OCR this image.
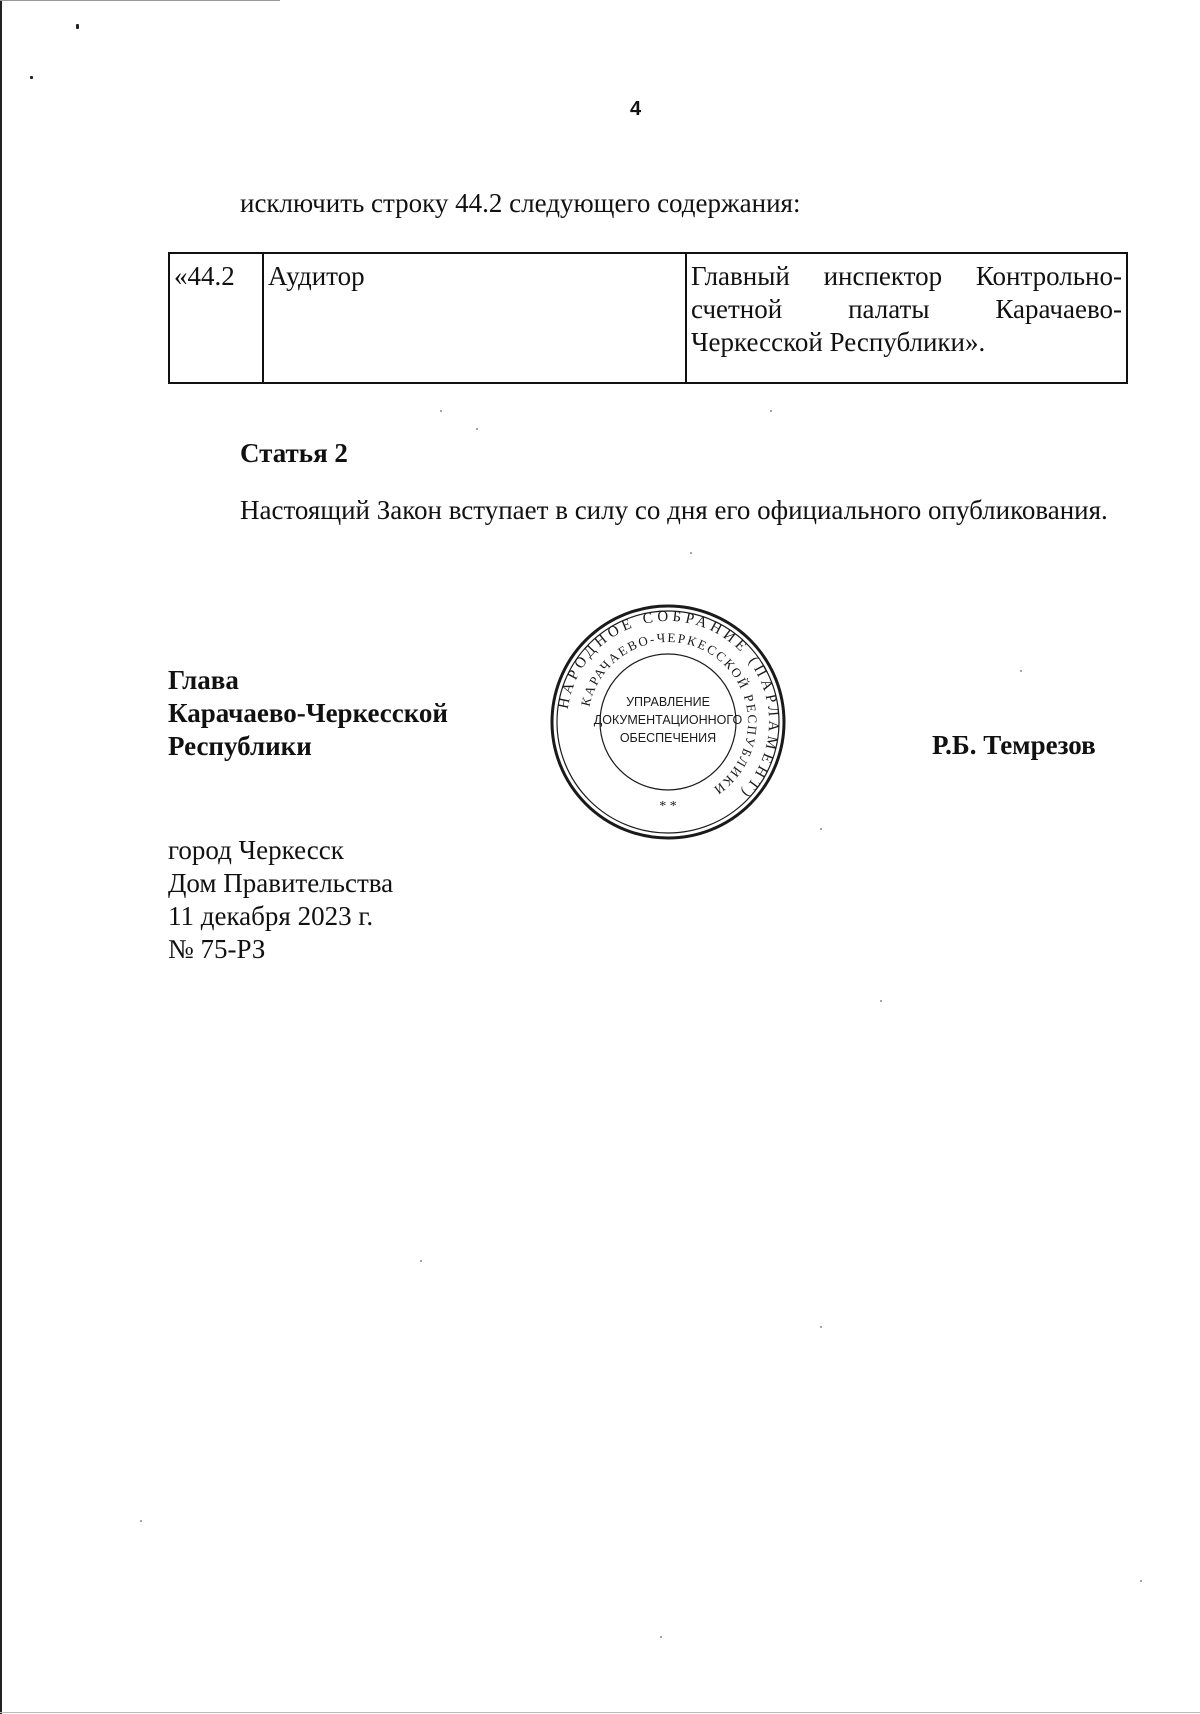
4
исключить строку 44.2 следующего содержания:
«44.2	Аудитор	Главный инспектор Контрольно-счетной палаты Карачаево-Черкесской Республики».
Статья 2
Настоящий Закон вступает в силу со дня его официального опубликования.
Глава
Карачаево-Черкесской
Республики
НАРОДНОЕ СОБРАНИЕ (ПАРЛАМЕНТ)
КАРАЧАЕВО-ЧЕРКЕССКОЙ РЕСПУБЛИКИ
УПРАВЛЕНИЕ
ДОКУМЕНТАЦИОННОГО
ОБЕСПЕЧЕНИЯ
* *
Р.Б. Темрезов
город Черкесск
Дом Правительства
11 декабря 2023 г.
№ 75-РЗ
